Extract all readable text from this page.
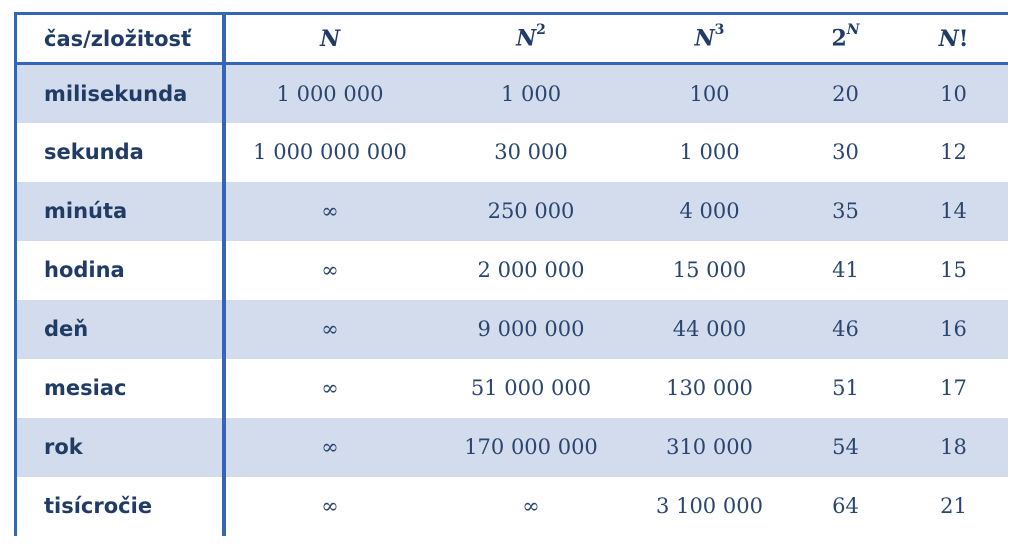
čas/zložitosť	N	$N^2$	$N^3$	$2^N$	N!
milisekunda	1 000 000	1 000	100	20	10
sekunda	1 000 000 000	30 000	1 000	30	12
minúta	∞	250 000	4 000	35	14
hodina	∞	2 000 000	15 000	41	15
deň	∞	9 000 000	44 000	46	16
mesiac	∞	51 000 000	130 000	51	17
rok	∞	170 000 000	310 000	54	18
tisícročie	∞	∞	3 100 000	64	21
